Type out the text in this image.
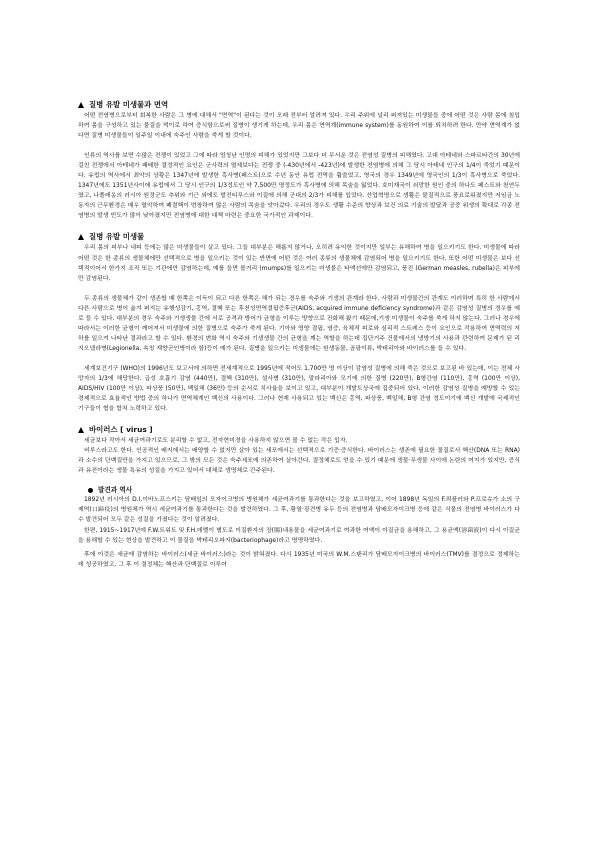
질병 유발 미생물과 면역

어떤 전염병으로부터 회복한 사람은 그 병에 대해서 "면역"이 된다는 것이 오래 전부터 알려져 있다. 우리 주위에 널리 퍼져있는 미생물들 중에 어떤 것은 사람 몸에 침입하여 몸을 구성하고 있는 물질을 먹이로 하여 증식함으로써 질병이 생기게 하는데, 우리 몸은 면역계(immune system)를 동원하여 이를 퇴치하려 한다. 만약 면역계가 없다면 질병 미생물들이 일주일 이내에 숙주인 사람을 죽게 할 것이다.

인류의 역사를 보면 수많은 전쟁이 있었고 그에 따라 엄청난 인명의 피해가 있었지만 그보다 더 무서운 것은 전염성 질병의 피해였다. 고대 아테네와 스파르타간의 30년에 걸친 전쟁에서 아테네가 패배한 결정적인 요인은 군사력의 열세보다는 전쟁 중 (-430년에서 -423년)에 발생한 전염병에 의해 그 당시 아테네 인구의 1/4이 죽었기 때문이다. 유럽의 역사에서 최악의 상황은 1347년에 발생한 흑사병(페스트)으로 수년 동안 유럽 전역을 휩쓸었고, 영국의 경우 1349년에 영국인의 1/3이 흑사병으로 죽었다. 1347년에도 1351년사이에 유럽에서 그 당시 인구의 1/3정도인 약 7,500만 명정도가 흑사병에 의해 목숨을 잃었다. 호미재국이 쇠망한 원인 중의 하나도 페스트와 천연두였고, 나폴레옹의 러시아 원정군도 추위와 기근 외에도 발진티푸스와 이질에 의해 군대의 2/3가 피해를 입었다. 산업혁명으로 생활은 물질적으로 풍요로워졌지만 저임금 노동자의 근무환경은 매우 열악하여 폐결핵이 번창하여 많은 사람의 목숨을 앗아갔다. 우리의 경우도 생활 수준의 향상과 보건 의료 기술의 발달과 공중 위생의 확대로 각종 전염병의 발생 빈도가 많이 낮아졌지만 전염병에 대한 대책 마련은 중요한 국가적인 과제이다.

질병 유발 미생물

우리 몸의 피부나 내피 등에는 많은 미생물들이 살고 있다. 그들 대부분은 해롭지 않거나, 오히려 유익한 것이지만 일부는 유해하여 병을 일으키기도 한다. 미생물에 따라 어떤 것은 한 종류의 생물체에만 선택적으로 병을 일으키는 것이 있는 반면에 어떤 것은 여러 종류의 생물체에 감염되어 병을 일으키기도 한다. 또한 어떤 미생물은 보다 선택적이어서 한가지 조직 또는 기관에만 감염하는데, 예를 들면 볼거리 (mumps)를 일으키는 미생물은 타액선에만 감염되고, 풍진 (German measles, rubella)은 피부에만 감염된다.

두 종류의 생물체가 같이 생존할 때 한쪽은 이득이 되고 다른 한쪽은 해가 되는 경우를 숙주와 기생의 관계라 한다. 사람과 미생물간의 관계도 이러하며 특히 한 사람에서 다른 사람으로 병이 옮겨 퍼지는 유행성감기, 홍역, 결핵 또는 후천성면역결핍증후군(AIDS, acquired immune deficiency syndrome)과 같은 감염성 질병의 경우를 예로 들 수 있다. 대부분의 경우 숙주와 기생생물 간에 서로 공격과 방어가 균형을 이루는 방향으로 진화해 왔기 때문에,기생 미생물이 숙주를 죽게 하지 않는다. 그러나 경우에 따라서는 이러한 균형이 깨어져서 미생물에 의한 질병으로 숙주가 죽게 된다. 기아와 영양 결핍, 염증, 육체적 피로와 심리적 스트레스 등이 요인으로 작용하여 면역력의 저하를 일으켜 나타난 결과라고 할 수 있다. 환경의 변화 역시 숙주와 기생생물 간의 균형을 깨는 역할을 하는데 집단거주 건물에서의 냉방기의 사용과 관련하여 문제가 된 리지오넬라병(Legionella, 속칭 재향군인병이라 함)등이 예가 된다. 질병을 일으키는 미생물에는 원생동물, 곰팡이류, 박테리아와 바이러스를 들 수 있다.

세계보건기구 (WHO)의 1996년도 보고서에 의하면 전세계적으로 1995년에 적어도 1,700만 명 이상이 감염성 질병에 의해 죽은 것으로 보고된 바 있는데, 이는 전체 사망자의 1/3에 해당한다. 급성 호흡기 감염 (440만), 결핵 (310만), 설사병 (310만), 말라리아와 모기에 의한 질병 (220만), B형간염 (110만), 홍역 (100만 이상), AIDS/HIV (100만 이상), 파상풍 (50만), 백일해 (36만) 등의 순서로 치사율을 보이고 있고, 대부분이 개발도상국에 집중되어 있다. 이러한 감염성 질병을 예방할 수 있는 경제적으로 효율적인 방법 중의 하나가 면역체계인 백신의 사용이다. 그러나 현재 사용되고 있는 백신은 홍역, 파상풍, 백일해, B형 간염 정도이기에 백신 개발에 국제적인 기구들이 협을 합쳐 노력하고 있다.

바이러스 [ virus ]

세균보다 작아서 세균여과기로도 분리할 수 없고, 전자현미경을 사용하지 않으면 볼 수 없는 작은 입자.

비루스라고도 한다. 인공적인 배지에서는 배양할 수 없지만 살아 있는 세포에서는 선택적으로 기증·증식한다. 바이러스는 생존에 필요한 물질로서 핵산(DNA 또는 RNA)과 소수의 단백질만을 가지고 있으므로, 그 밖의 모든 것은 숙주세포에 의존하여 살아간다. 결정체로도 얻을 수 있기 때문에 생물·무생물 사이에 논란의 여지가 있지만, 증식과 유전이라는 생물 특유의 성질을 가지고 있어서 대체로 생명체로 간주된다.

발견과 역사

1892년 러시아의 D.I.이바노프스키는 담배잎의 모자이크병의 병원체가 세균여과기를 통과한다는 것을 보고하였고, 이어 1898년 독일의 F.뢰플러와 P.프로슈가 소의 구제역(口蹄疫)의 병원체가 역시 세균여과기를 통과한다는 것을 발견하였다. 그 후, 황열·광견병 유두 등의 전염병과 담배모자이크병 등에 같은 식물의 전염병 바이러스가 다수 발견되어 모두 같은 성질을 가졌다는 것이 알려졌다.

한편, 1915~1917년에 F.W.트워트 및 F.H.데렐이 별도로 이질환자의 장(腸)내용물을 세균여과기로 여과한 여액이 이질균을 용해하고, 그 용균액(溶菌液)이 다시 이질균을 용해할 수 있는 현상을 발견하고 이 물질을 박테리오파지(bacteriophage)라고 명명하였다.

후에 이것은 세균에 감염하는 바이러스(세균 바이러스)라는 것이 밝혀졌다. 다시 1935년 미국의 W.M.스탠리가 담배모자이크병의 바이러스(TMV)를 결정으로 정제하는 데 성공하였고, 그 후 이 결정체는 핵산과 단백질로 이루어
